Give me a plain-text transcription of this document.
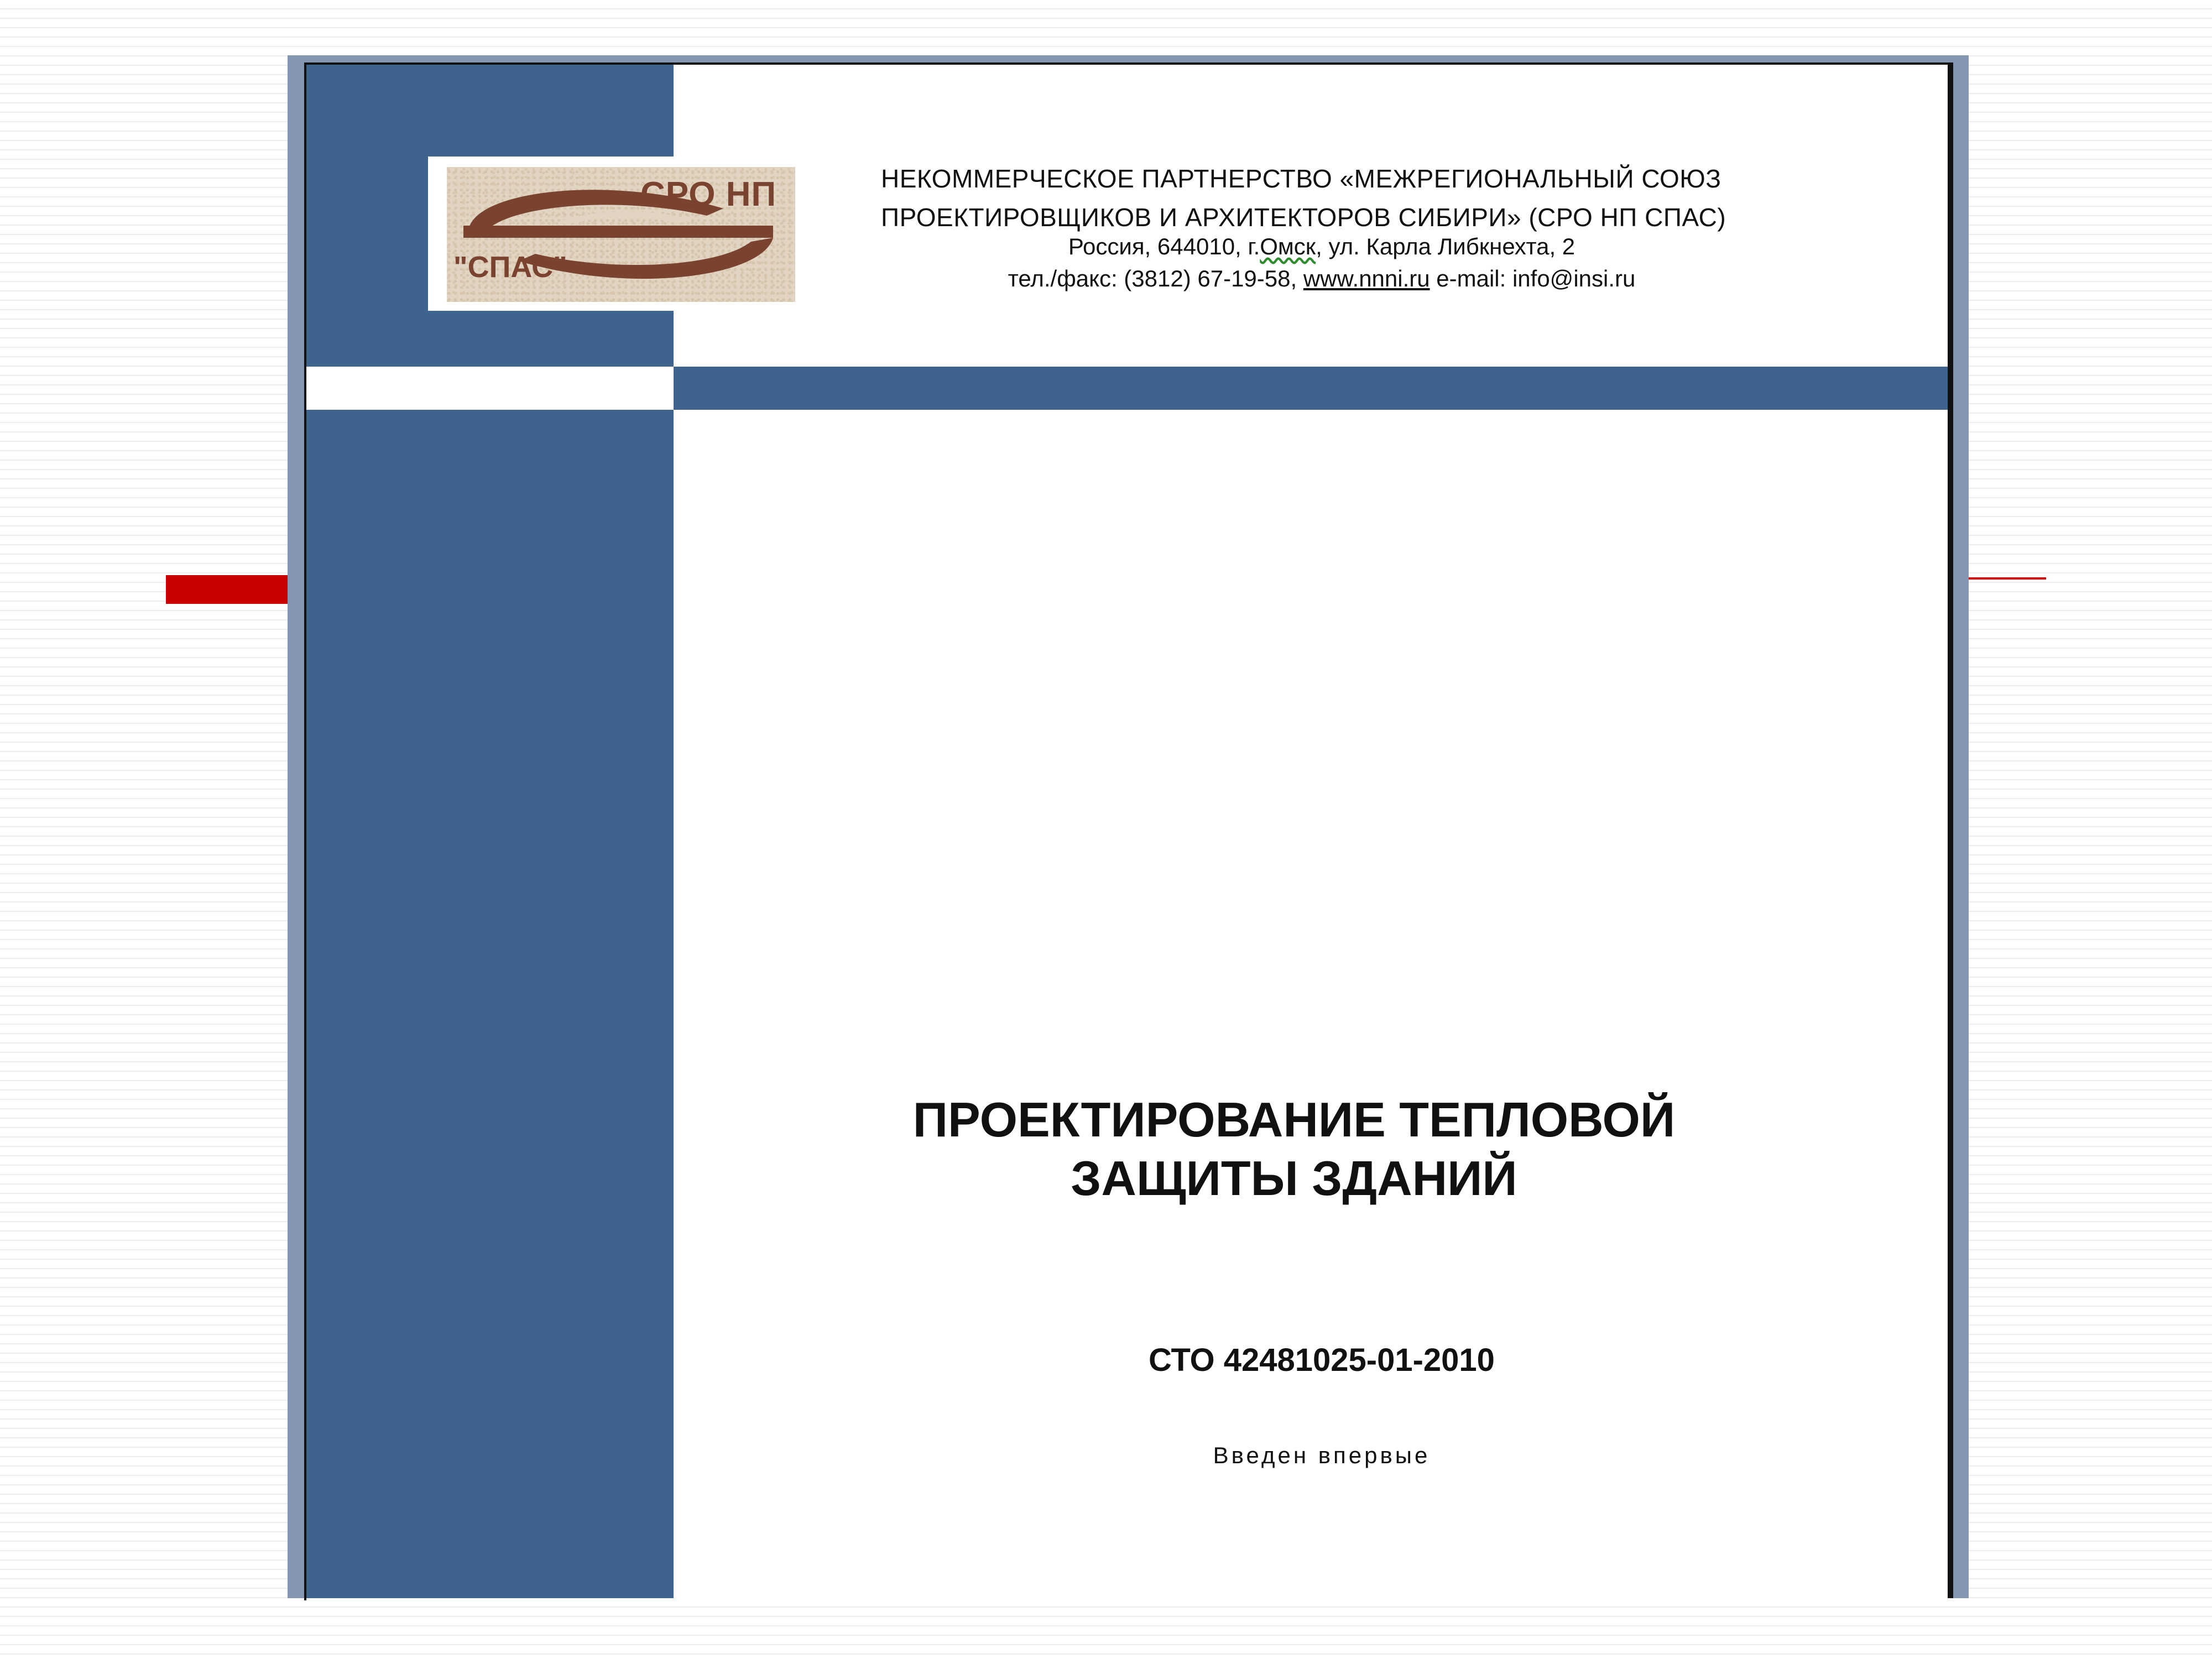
СРО НП
"СПАС"
НЕКОММЕРЧЕСКОЕ ПАРТНЕРСТВО «МЕЖРЕГИОНАЛЬНЫЙ СОЮЗ
ПРОЕКТИРОВЩИКОВ И АРХИТЕКТОРОВ СИБИРИ» (СРО НП СПАС)
Россия, 644010, г.Омск, ул. Карла Либкнехта, 2
тел./факс: (3812) 67-19-58, www.nnni.ru e-mail: info@insi.ru
ПРОЕКТИРОВАНИЕ ТЕПЛОВОЙ
ЗАЩИТЫ ЗДАНИЙ
СТО 42481025-01-2010
Введен впервые
